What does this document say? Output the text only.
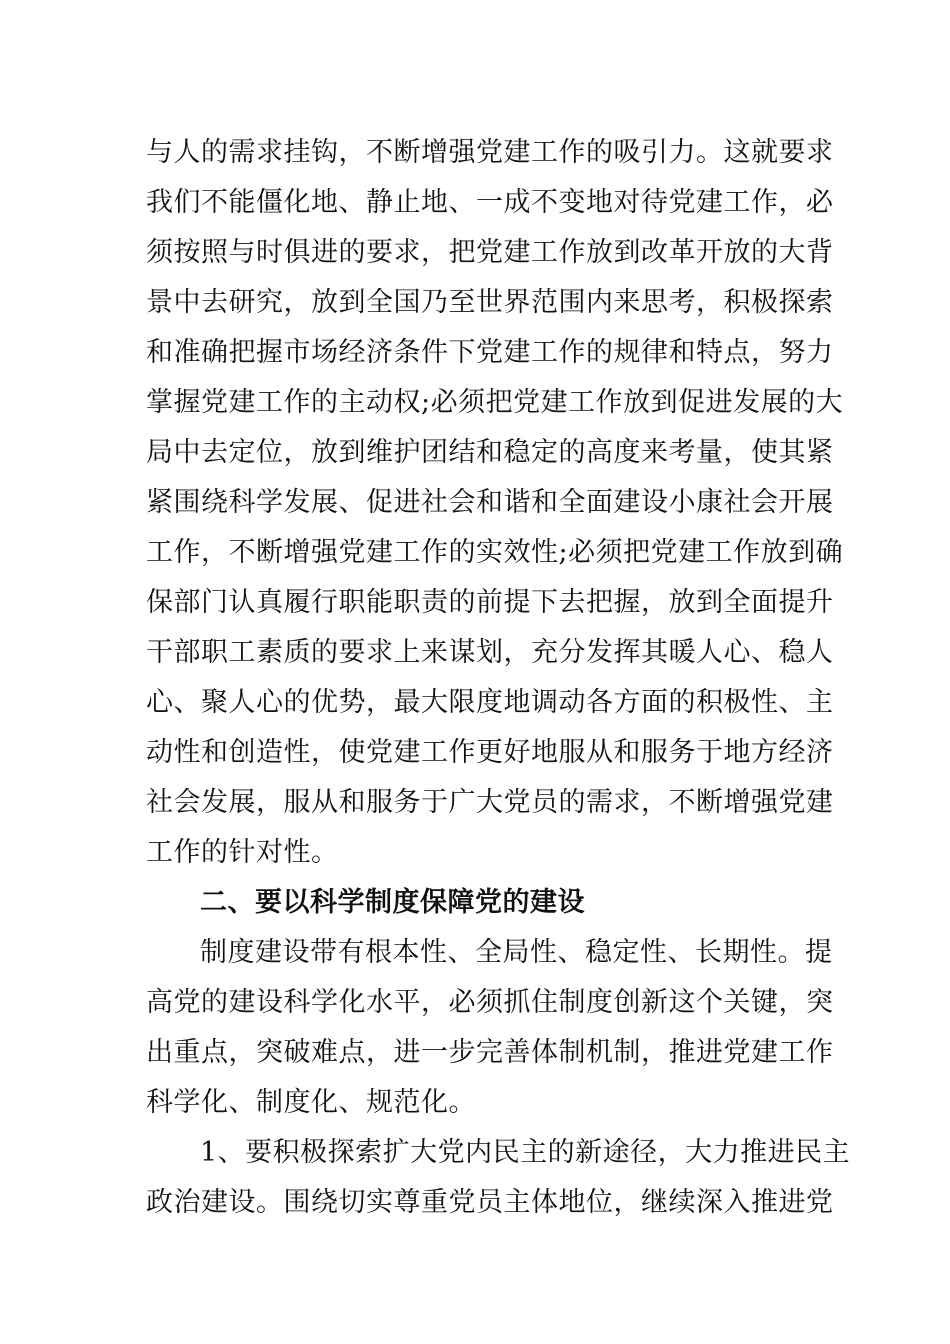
与人的需求挂钩，不断增强党建工作的吸引力。这就要求
我们不能僵化地、静止地、一成不变地对待党建工作，必
须按照与时俱进的要求，把党建工作放到改革开放的大背
景中去研究，放到全国乃至世界范围内来思考，积极探索
和准确把握市场经济条件下党建工作的规律和特点，努力
掌握党建工作的主动权;必须把党建工作放到促进发展的大
局中去定位，放到维护团结和稳定的高度来考量，使其紧
紧围绕科学发展、促进社会和谐和全面建设小康社会开展
工作，不断增强党建工作的实效性;必须把党建工作放到确
保部门认真履行职能职责的前提下去把握，放到全面提升
干部职工素质的要求上来谋划，充分发挥其暖人心、稳人
心、聚人心的优势，最大限度地调动各方面的积极性、主
动性和创造性，使党建工作更好地服从和服务于地方经济
社会发展，服从和服务于广大党员的需求，不断增强党建
工作的针对性。
二、要以科学制度保障党的建设
制度建设带有根本性、全局性、稳定性、长期性。提
高党的建设科学化水平，必须抓住制度创新这个关键，突
出重点，突破难点，进一步完善体制机制，推进党建工作
科学化、制度化、规范化。
1、要积极探索扩大党内民主的新途径，大力推进民主
政治建设。围绕切实尊重党员主体地位，继续深入推进党
